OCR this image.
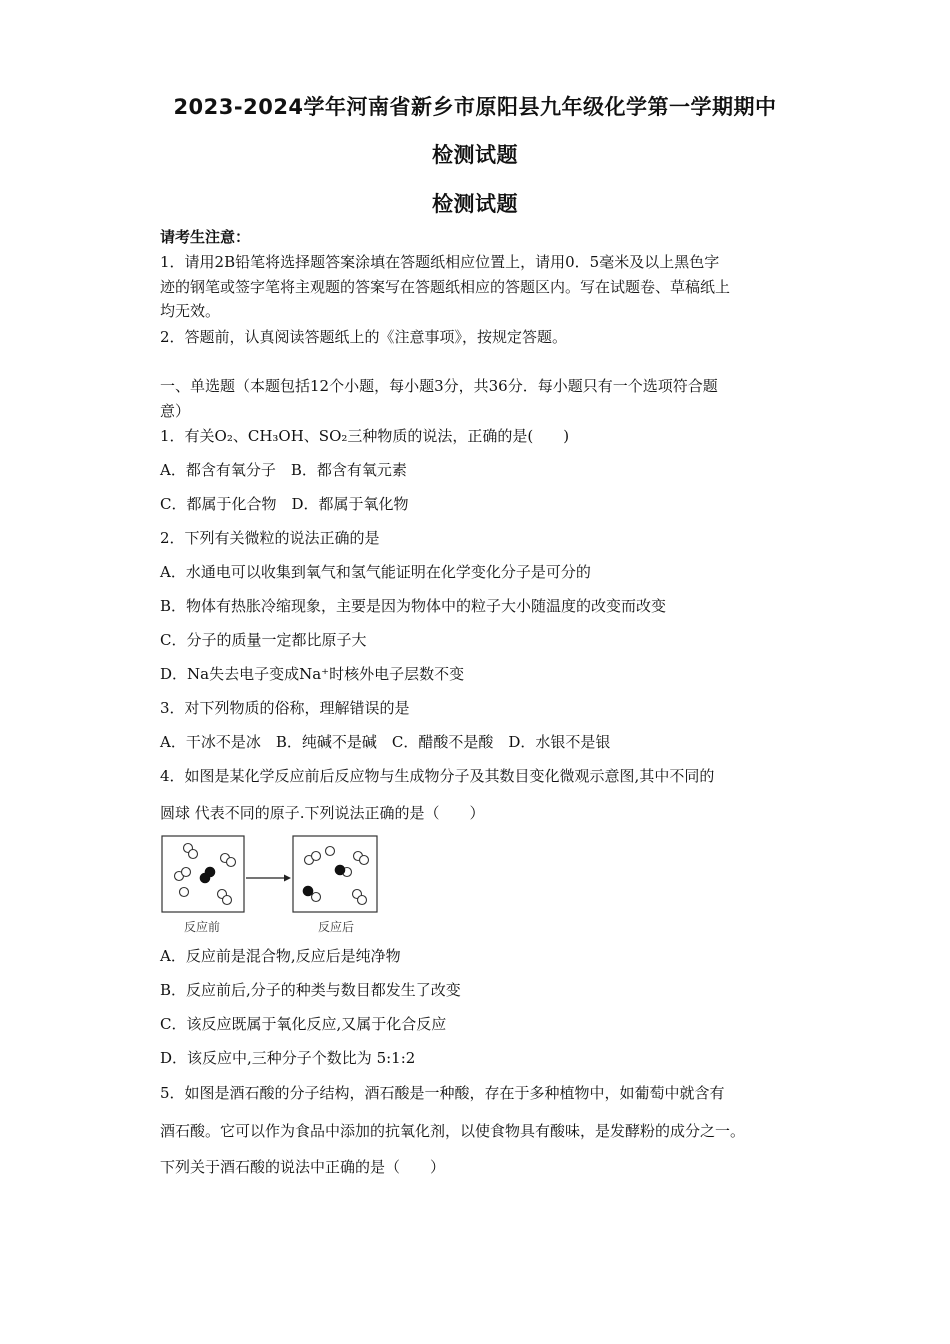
2023-2024学年河南省新乡市原阳县九年级化学第一学期期中
检测试题
检测试题
请考生注意：
1．请用2B铅笔将选择题答案涂填在答题纸相应位置上，请用0．5毫米及以上黑色字
迹的钢笔或签字笔将主观题的答案写在答题纸相应的答题区内。写在试题卷、草稿纸上
均无效。
2．答题前，认真阅读答题纸上的《注意事项》，按规定答题。
一、单选题（本题包括12个小题，每小题3分，共36分．每小题只有一个选项符合题
意）
1．有关O₂、CH₃OH、SO₂三种物质的说法，正确的是(　　)
A．都含有氧分子　B．都含有氧元素
C．都属于化合物　D．都属于氧化物
2．下列有关微粒的说法正确的是
A．水通电可以收集到氧气和氢气能证明在化学变化分子是可分的
B．物体有热胀冷缩现象，主要是因为物体中的粒子大小随温度的改变而改变
C．分子的质量一定都比原子大
D．Na失去电子变成Na⁺时核外电子层数不变
3．对下列物质的俗称，理解错误的是
A．干冰不是冰　B．纯碱不是碱　C．醋酸不是酸　D．水银不是银
4．如图是某化学反应前后反应物与生成物分子及其数目变化微观示意图,其中不同的
圆球 代表不同的原子.下列说法正确的是（　　）
反应前	反应后
A．反应前是混合物,反应后是纯净物
B．反应前后,分子的种类与数目都发生了改变
C．该反应既属于氧化反应,又属于化合反应
D．该反应中,三种分子个数比为 5:1:2
5．如图是酒石酸的分子结构，酒石酸是一种酸，存在于多种植物中，如葡萄中就含有
酒石酸。它可以作为食品中添加的抗氧化剂，以使食物具有酸味，是发酵粉的成分之一。
下列关于酒石酸的说法中正确的是（　　）
